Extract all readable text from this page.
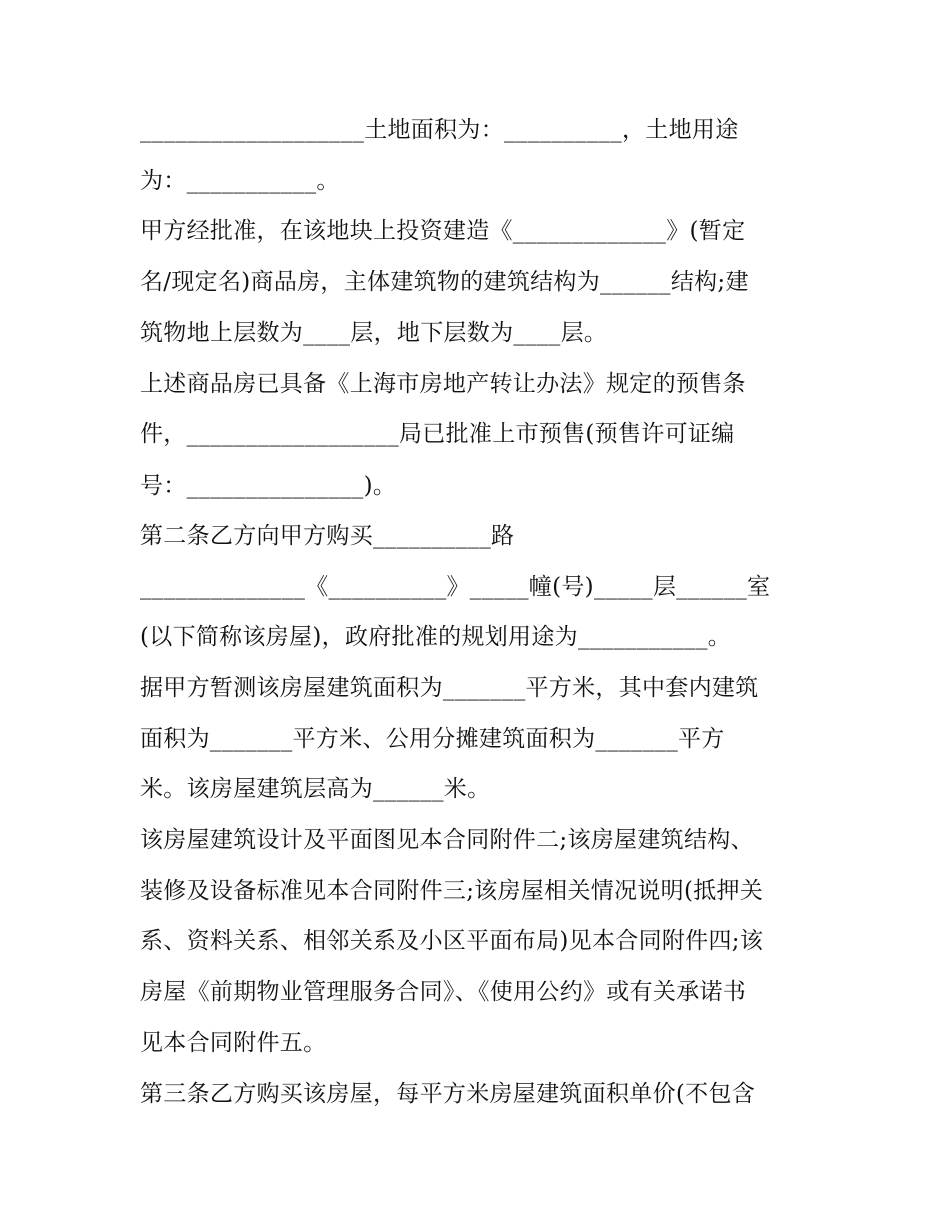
___________________土地面积为：__________，土地用途
为：___________。
甲方经批准，在该地块上投资建造《_____________》(暂定
名/现定名)商品房，主体建筑物的建筑结构为______结构;建
筑物地上层数为____层，地下层数为____层。
上述商品房已具备《上海市房地产转让办法》规定的预售条
件，__________________局已批准上市预售(预售许可证编
号：_______________)。
第二条乙方向甲方购买__________路
______________《__________》_____幢(号)_____层______室
(以下简称该房屋)，政府批准的规划用途为___________。
据甲方暂测该房屋建筑面积为_______平方米，其中套内建筑
面积为_______平方米、公用分摊建筑面积为_______平方
米。该房屋建筑层高为______米。
该房屋建筑设计及平面图见本合同附件二;该房屋建筑结构、
装修及设备标准见本合同附件三;该房屋相关情况说明(抵押关
系、资料关系、相邻关系及小区平面布局)见本合同附件四;该
房屋《前期物业管理服务合同》、《使用公约》或有关承诺书
见本合同附件五。
第三条乙方购买该房屋，每平方米房屋建筑面积单价(不包含
